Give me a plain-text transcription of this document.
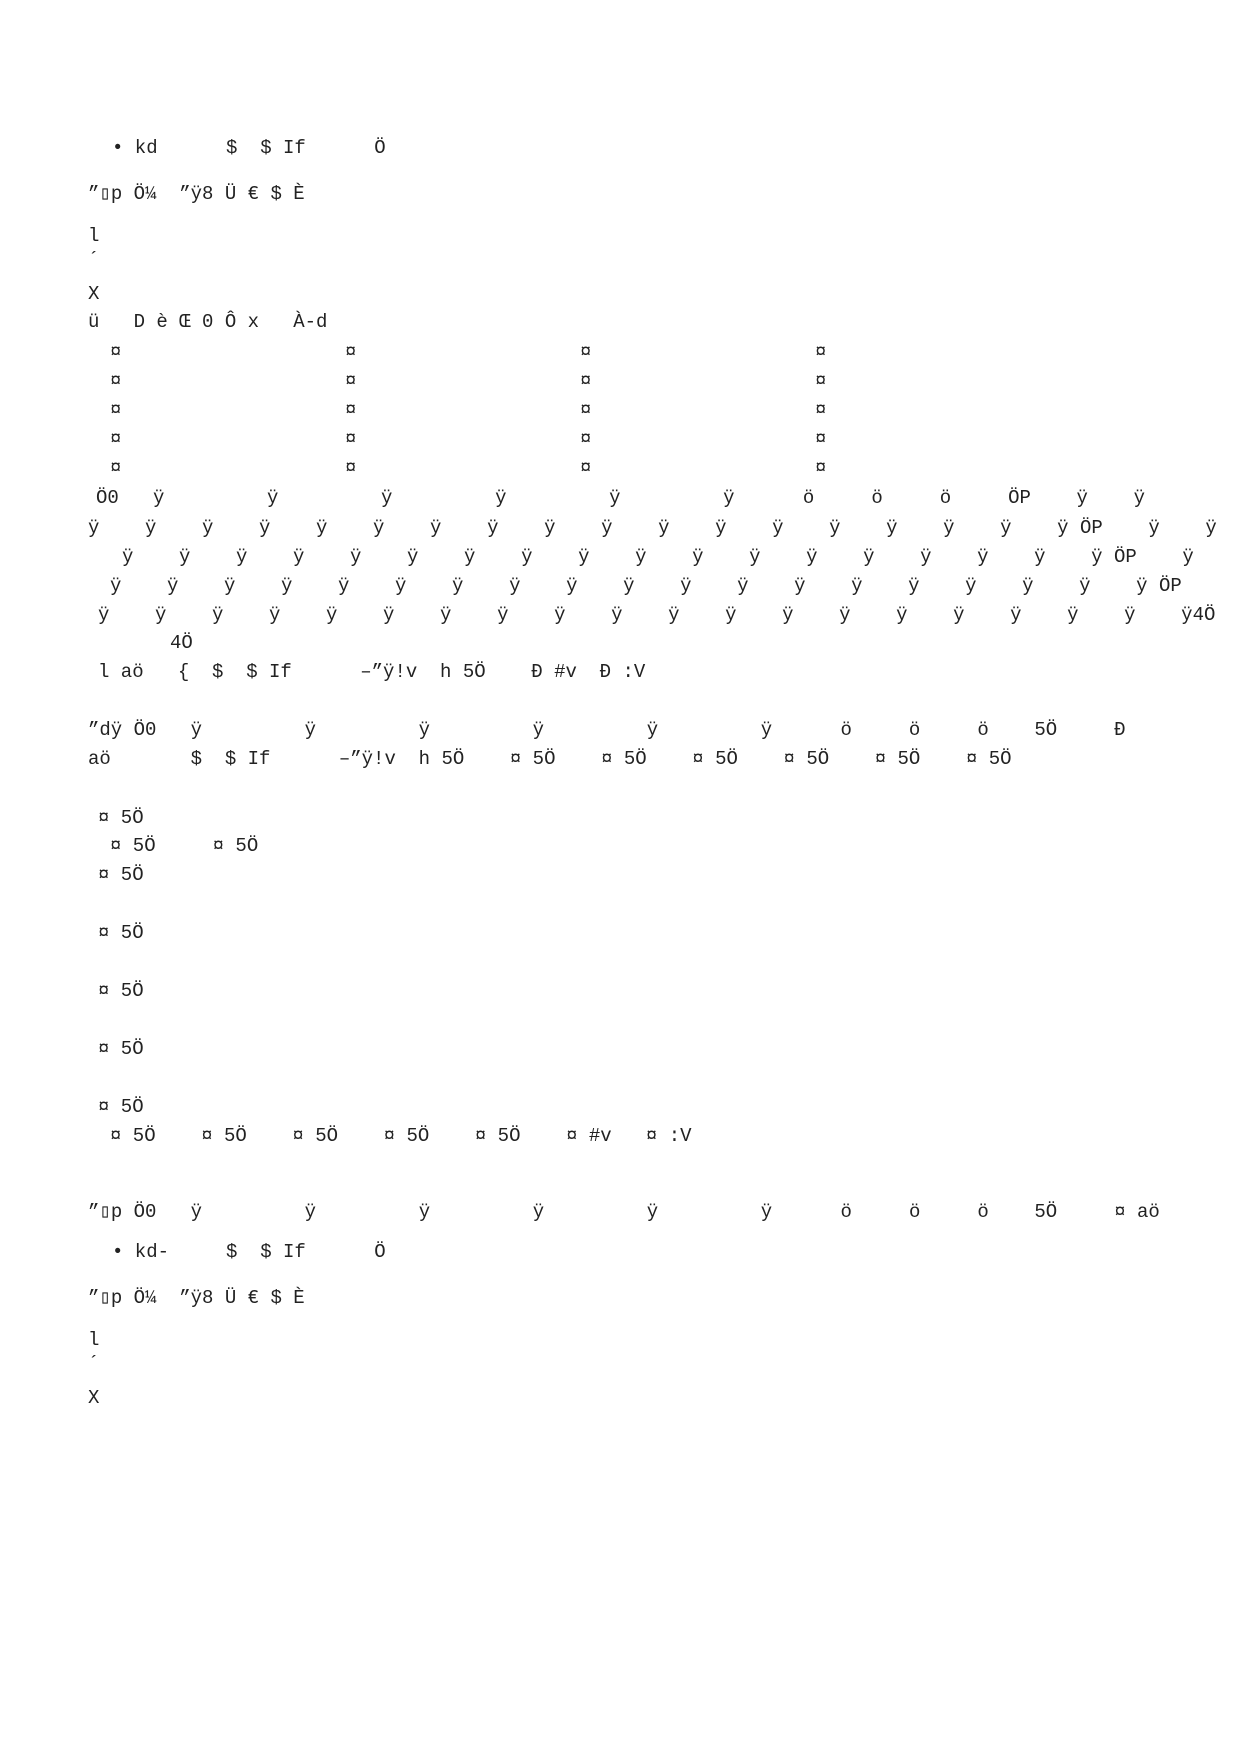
• kd      $  $ If      Ö
”▯​p Ö¼  ”ÿ8 Ü € $ È
l
´
X
ü   D è Œ 0 Ô x   À-d
¤	¤	¤	¤
¤	¤	¤	¤
¤	¤	¤	¤
¤	¤	¤	¤
¤	¤	¤	¤
Ö0   ÿ         ÿ         ÿ         ÿ         ÿ         ÿ      ö     ö     ö     ÖP    ÿ    ÿ
ÿ    ÿ    ÿ    ÿ    ÿ    ÿ    ÿ    ÿ    ÿ    ÿ    ÿ    ÿ    ÿ    ÿ    ÿ    ÿ    ÿ    ÿ ÖP    ÿ    ÿ
ÿ    ÿ    ÿ    ÿ    ÿ    ÿ    ÿ    ÿ    ÿ    ÿ    ÿ    ÿ    ÿ    ÿ    ÿ    ÿ    ÿ    ÿ ÖP    ÿ
ÿ    ÿ    ÿ    ÿ    ÿ    ÿ    ÿ    ÿ    ÿ    ÿ    ÿ    ÿ    ÿ    ÿ    ÿ    ÿ    ÿ    ÿ    ÿ ÖP
ÿ    ÿ    ÿ    ÿ    ÿ    ÿ    ÿ    ÿ    ÿ    ÿ    ÿ    ÿ    ÿ    ÿ    ÿ    ÿ    ÿ    ÿ    ÿ    ÿ4Ö
4Ö
l aö   {  $  $ If      –”ÿ!v  h 5Ö    Ð #v  Ð :V
”dÿ Ö0   ÿ         ÿ         ÿ         ÿ         ÿ         ÿ      ö     ö     ö    5Ö     Ð
aö       $  $ If      –”ÿ!v  h 5Ö    ¤ 5Ö    ¤ 5Ö    ¤ 5Ö    ¤ 5Ö    ¤ 5Ö    ¤ 5Ö
¤ 5Ö
¤ 5Ö     ¤ 5Ö
¤ 5Ö
¤ 5Ö
¤ 5Ö
¤ 5Ö
¤ 5Ö
¤ 5Ö    ¤ 5Ö    ¤ 5Ö    ¤ 5Ö    ¤ 5Ö    ¤ #v   ¤ :V
”▯​p Ö0   ÿ         ÿ         ÿ         ÿ         ÿ         ÿ      ö     ö     ö    5Ö     ¤ aö
• kd-     $  $ If      Ö
”▯​p Ö¼  ”ÿ8 Ü € $ È
l
´
X
